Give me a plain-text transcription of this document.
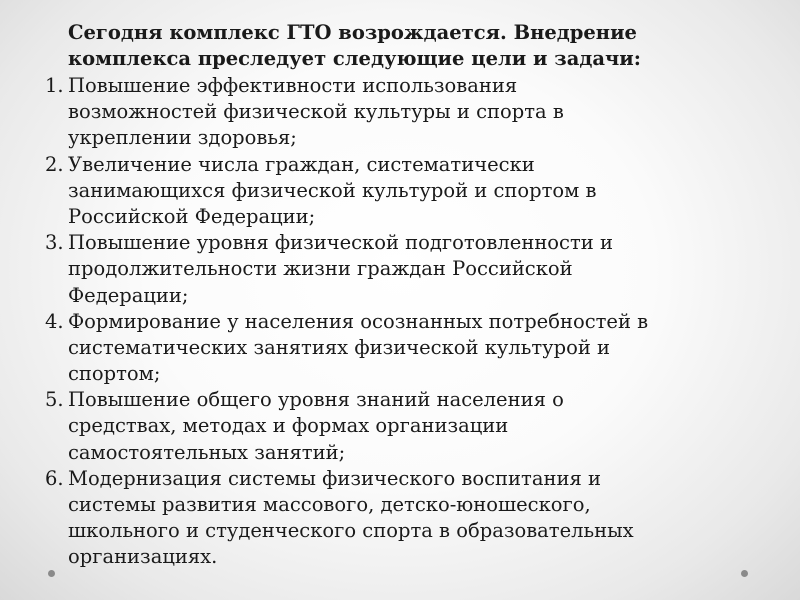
Сегодня комплекс ГТО возрождается. Внедрение
комплекса преследует следующие цели и задачи:
1. Повышение эффективности использования
возможностей физической культуры и спорта в
укреплении здоровья;
2. Увеличение числа граждан, систематически
занимающихся физической культурой и спортом в
Российской Федерации;
3. Повышение уровня физической подготовленности и
продолжительности жизни граждан Российской
Федерации;
4. Формирование у населения осознанных потребностей в
систематических занятиях физической культурой и
спортом;
5. Повышение общего уровня знаний населения о
средствах, методах и формах организации
самостоятельных занятий;
6. Модернизация системы физического воспитания и
системы развития массового, детско-юношеского,
школьного и студенческого спорта в образовательных
организациях.
